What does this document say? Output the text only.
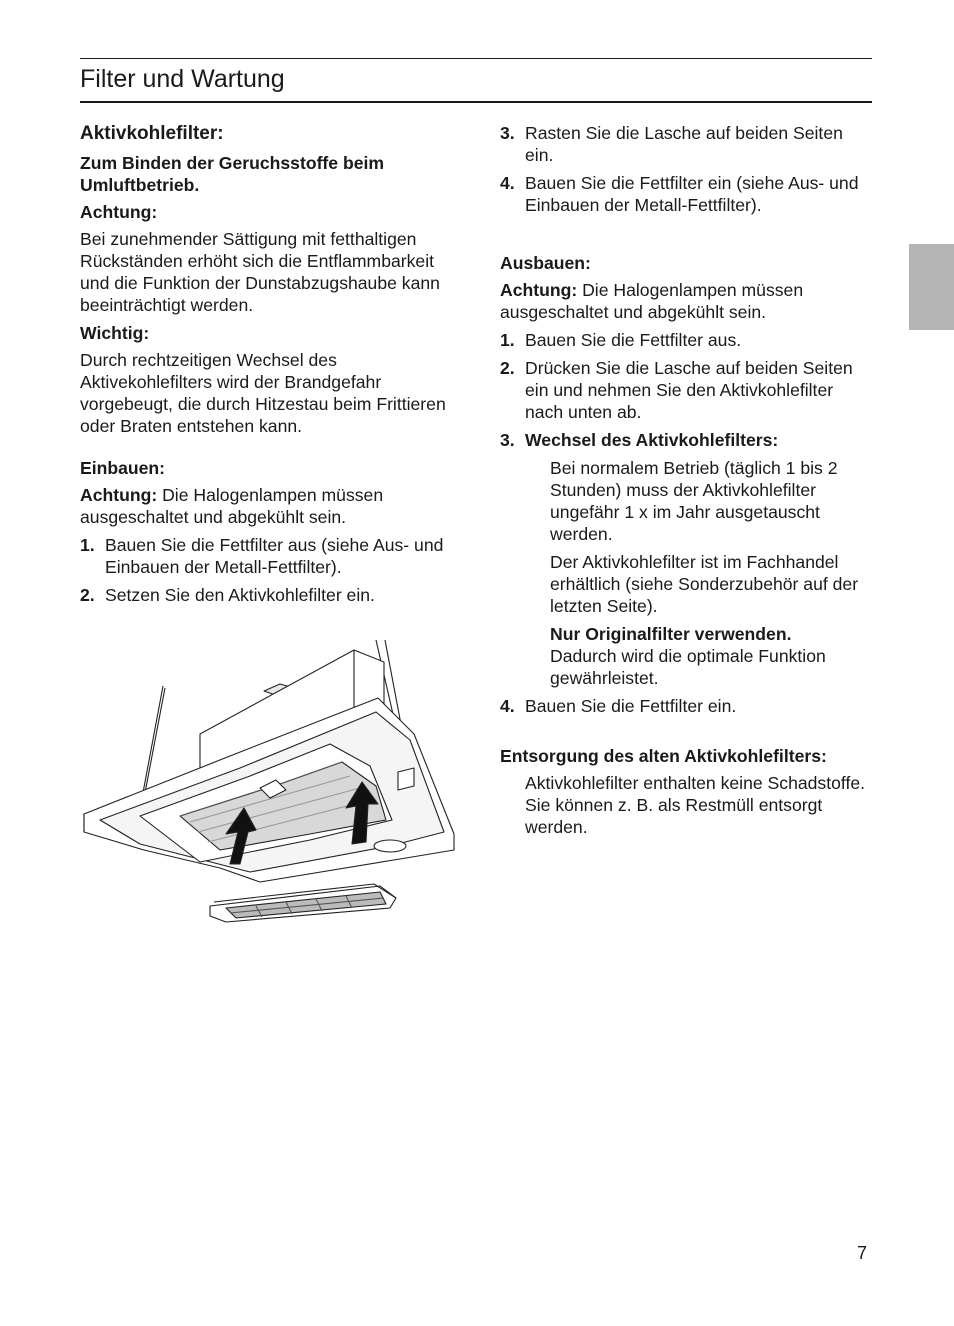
Filter und Wartung
Aktivkohlefilter:
Zum Binden der Geruchsstoffe beim Umluftbetrieb.
Achtung:
Bei zunehmender Sättigung mit fetthaltigen Rückständen erhöht sich die Entflammbarkeit und die Funktion der Dunstabzugshaube kann beeinträchtigt werden.
Wichtig:
Durch rechtzeitigen Wechsel des Aktivekohlefilters wird der Brandgefahr vorgebeugt, die durch Hitzestau beim Frittieren oder Braten entstehen kann.
Einbauen:
Achtung: Die Halogenlampen müssen ausgeschaltet und abgekühlt sein.
1. Bauen Sie die Fettfilter aus (siehe Aus- und Einbauen der Metall-Fettfilter).
2. Setzen Sie den Aktivkohlefilter ein.
3. Rasten Sie die Lasche auf beiden Seiten ein.
4. Bauen Sie die Fettfilter ein (siehe Aus- und Einbauen der Metall-Fettfilter).
Ausbauen:
Achtung: Die Halogenlampen müssen ausgeschaltet und abgekühlt sein.
1. Bauen Sie die Fettfilter aus.
2. Drücken Sie die Lasche auf beiden Seiten ein und nehmen Sie den Aktivkohlefilter nach unten ab.
3. Wechsel des Aktivkohlefilters:
Bei normalem Betrieb (täglich 1 bis 2 Stunden) muss der Aktivkohlefilter ungefähr 1 x im Jahr ausgetauscht werden.
Der Aktivkohlefilter ist im Fachhandel erhältlich (siehe Sonderzubehör auf der letzten Seite).
Nur Originalfilter verwenden.
Dadurch wird die optimale Funktion gewährleistet.
4. Bauen Sie die Fettfilter ein.
Entsorgung des alten Aktivkohlefilters:
Aktivkohlefilter enthalten keine Schadstoffe. Sie können z. B. als Restmüll entsorgt werden.
7
